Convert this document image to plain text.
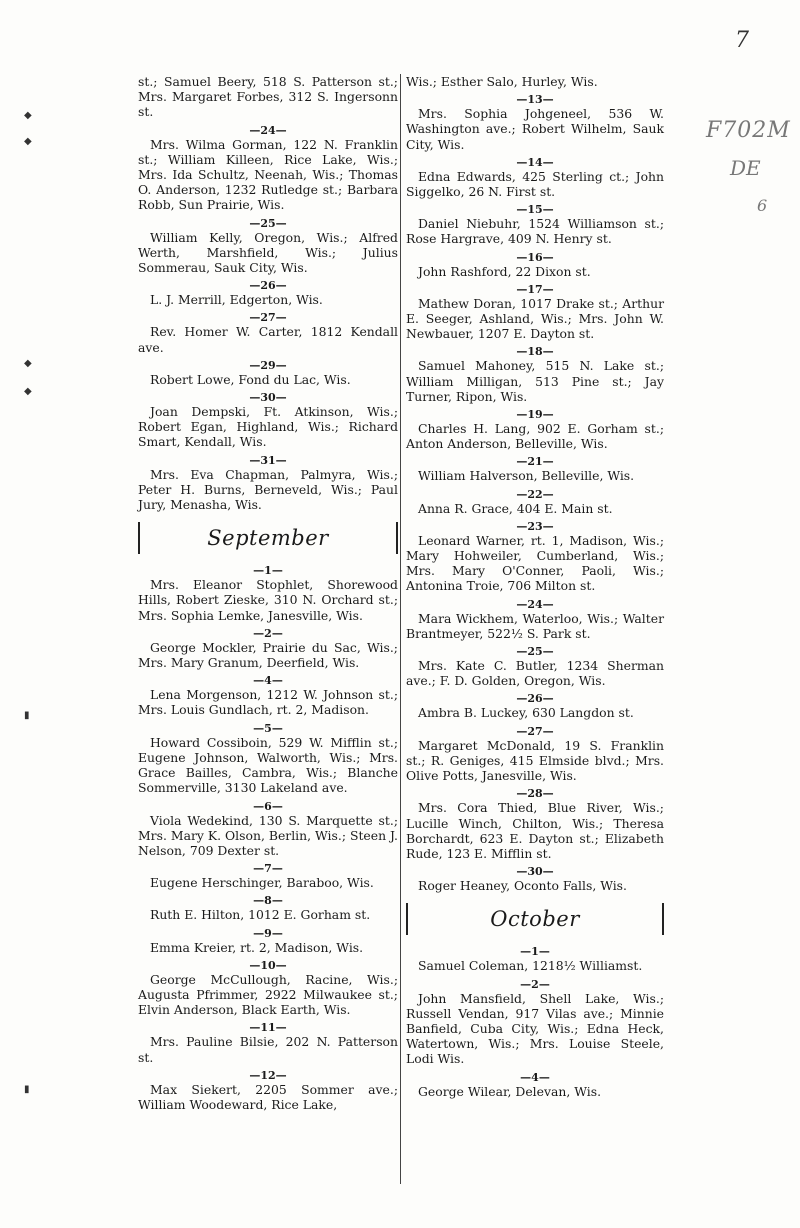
7
F702M
DE
6
◆
◆
◆
◆
▮
▮

st.; Samuel Beery, 518 S. Patterson st.; Mrs. Margaret Forbes, 312 S. Ingersonn st.

—24—

Mrs. Wilma Gorman, 122 N. Franklin st.; William Killeen, Rice Lake, Wis.; Mrs. Ida Schultz, Neenah, Wis.; Thomas O. Anderson, 1232 Rutledge st.; Barbara Robb, Sun Prairie, Wis.

—25—

William Kelly, Oregon, Wis.; Alfred Werth, Marshfield, Wis.; Julius Sommerau, Sauk City, Wis.

—26—

L. J. Merrill, Edgerton, Wis.

—27—

Rev. Homer W. Carter, 1812 Kendall ave.

—29—

Robert Lowe, Fond du Lac, Wis.

—30—

Joan Dempski, Ft. Atkinson, Wis.; Robert Egan, Highland, Wis.; Richard Smart, Kendall, Wis.

—31—

Mrs. Eva Chapman, Palmyra, Wis.; Peter H. Burns, Berneveld, Wis.; Paul Jury, Menasha, Wis.

September
—1—

Mrs. Eleanor Stophlet, Shorewood Hills, Robert Zieske, 310 N. Orchard st.; Mrs. Sophia Lemke, Janesville, Wis.

—2—

George Mockler, Prairie du Sac, Wis.; Mrs. Mary Granum, Deerfield, Wis.

—4—

Lena Morgenson, 1212 W. Johnson st.; Mrs. Louis Gundlach, rt. 2, Madison.

—5—

Howard Cossiboin, 529 W. Mifflin st.; Eugene Johnson, Walworth, Wis.; Mrs. Grace Bailles, Cambra, Wis.; Blanche Sommerville, 3130 Lakeland ave.

—6—

Viola Wedekind, 130 S. Marquette st.; Mrs. Mary K. Olson, Berlin, Wis.; Steen J. Nelson, 709 Dexter st.

—7—

Eugene Herschinger, Baraboo, Wis.

—8—

Ruth E. Hilton, 1012 E. Gorham st.

—9—

Emma Kreier, rt. 2, Madison, Wis.

—10—

George McCullough, Racine, Wis.; Augusta Pfrimmer, 2922 Milwaukee st.; Elvin Anderson, Black Earth, Wis.

—11—

Mrs. Pauline Bilsie, 202 N. Patterson st.

—12—

Max Siekert, 2205 Sommer ave.; William Woodeward, Rice Lake,

Wis.; Esther Salo, Hurley, Wis.

—13—

Mrs. Sophia Johgeneel, 536 W. Washington ave.; Robert Wilhelm, Sauk City, Wis.

—14—

Edna Edwards, 425 Sterling ct.; John Siggelko, 26 N. First st.

—15—

Daniel Niebuhr, 1524 Williamson st.; Rose Hargrave, 409 N. Henry st.

—16—

John Rashford, 22 Dixon st.

—17—

Mathew Doran, 1017 Drake st.; Arthur E. Seeger, Ashland, Wis.; Mrs. John W. Newbauer, 1207 E. Dayton st.

—18—

Samuel Mahoney, 515 N. Lake st.; William Milligan, 513 Pine st.; Jay Turner, Ripon, Wis.

—19—

Charles H. Lang, 902 E. Gorham st.; Anton Anderson, Belleville, Wis.

—21—

William Halverson, Belleville, Wis.

—22—

Anna R. Grace, 404 E. Main st.

—23—

Leonard Warner, rt. 1, Madison, Wis.; Mary Hohweiler, Cumberland, Wis.; Mrs. Mary O'Conner, Paoli, Wis.; Antonina Troie, 706 Milton st.

—24—

Mara Wickhem, Waterloo, Wis.; Walter Brantmeyer, 522½ S. Park st.

—25—

Mrs. Kate C. Butler, 1234 Sherman ave.; F. D. Golden, Oregon, Wis.

—26—

Ambra B. Luckey, 630 Langdon st.

—27—

Margaret McDonald, 19 S. Franklin st.; R. Geniges, 415 Elmside blvd.; Mrs. Olive Potts, Janesville, Wis.

—28—

Mrs. Cora Thied, Blue River, Wis.; Lucille Winch, Chilton, Wis.; Theresa Borchardt, 623 E. Dayton st.; Elizabeth Rude, 123 E. Mifflin st.

—30—

Roger Heaney, Oconto Falls, Wis.

October
—1—

Samuel Coleman, 1218½ Williamst.

—2—

John Mansfield, Shell Lake, Wis.; Russell Vendan, 917 Vilas ave.; Minnie Banfield, Cuba City, Wis.; Edna Heck, Watertown, Wis.; Mrs. Louise Steele, Lodi Wis.

—4—

George Wilear, Delevan, Wis.
